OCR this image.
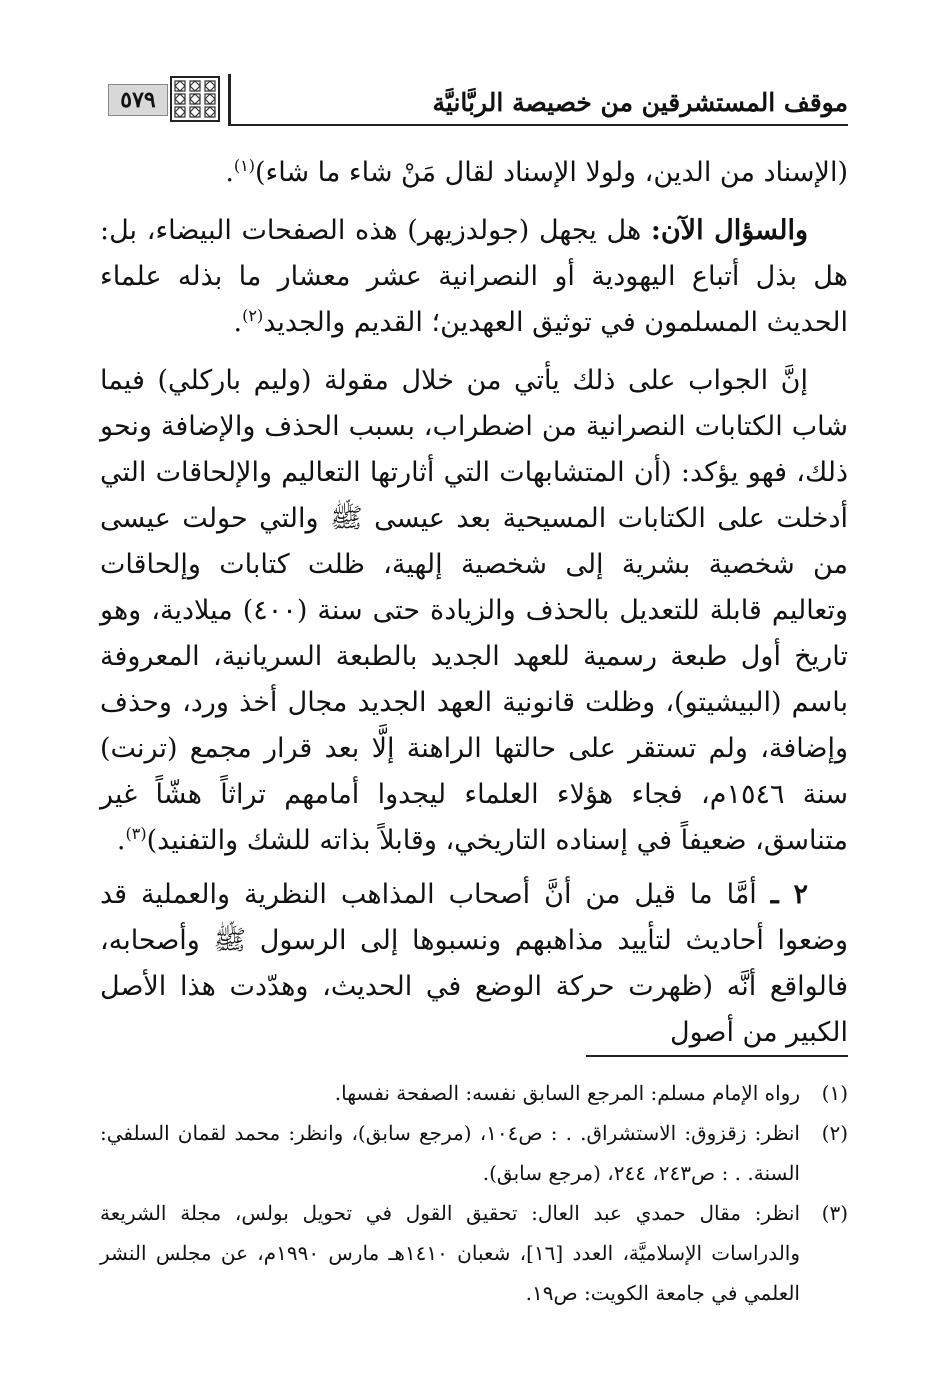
موقف المستشرقين من خصيصة الربَّانيَّة
٥٧٩

(الإسناد من الدين، ولولا الإسناد لقال مَنْ شاء ما شاء)$^{(١)}$.

والسؤال الآن: هل يجهل (جولدزيهر) هذه الصفحات البيضاء، بل: هل بذل أتباع اليهودية أو النصرانية عشر معشار ما بذله علماء الحديث المسلمون في توثيق العهدين؛ القديم والجديد$^{(٢)}$.

إنَّ الجواب على ذلك يأتي من خلال مقولة (وليم باركلي) فيما شاب الكتابات النصرانية من اضطراب، بسبب الحذف والإضافة ونحو ذلك، فهو يؤكد: (أن المتشابهات التي أثارتها التعاليم والإلحاقات التي أدخلت على الكتابات المسيحية بعد عيسى ﷺ والتي حولت عيسى من شخصية بشرية إلى شخصية إلهية، ظلت كتابات وإلحاقات وتعاليم قابلة للتعديل بالحذف والزيادة حتى سنة (٤٠٠) ميلادية، وهو تاريخ أول طبعة رسمية للعهد الجديد بالطبعة السريانية، المعروفة باسم (البيشيتو)، وظلت قانونية العهد الجديد مجال أخذ ورد، وحذف وإضافة، ولم تستقر على حالتها الراهنة إلَّا بعد قرار مجمع (ترنت) سنة ١٥٤٦م، فجاء هؤلاء العلماء ليجدوا أمامهم تراثاً هشّاً غير متناسق، ضعيفاً في إسناده التاريخي، وقابلاً بذاته للشك والتفنيد)$^{(٣)}$.

٢ ـ أمَّا ما قيل من أنَّ أصحاب المذاهب النظرية والعملية قد وضعوا أحاديث لتأييد مذاهبهم ونسبوها إلى الرسول ﷺ وأصحابه، فالواقع أنَّه (ظهرت حركة الوضع في الحديث، وهدّدت هذا الأصل الكبير من أصول

(١)
رواه الإمام مسلم: المرجع السابق نفسه: الصفحة نفسها.
(٢)
انظر: زقزوق: الاستشراق. . : ص١٠٤، (مرجع سابق)، وانظر: محمد لقمان السلفي: السنة. . : ص٢٤٣، ٢٤٤، (مرجع سابق).
(٣)
انظر: مقال حمدي عبد العال: تحقيق القول في تحويل بولس، مجلة الشريعة والدراسات الإسلاميَّة، العدد [١٦]، شعبان ١٤١٠هـ مارس ١٩٩٠م، عن مجلس النشر العلمي في جامعة الكويت: ص١٩.
